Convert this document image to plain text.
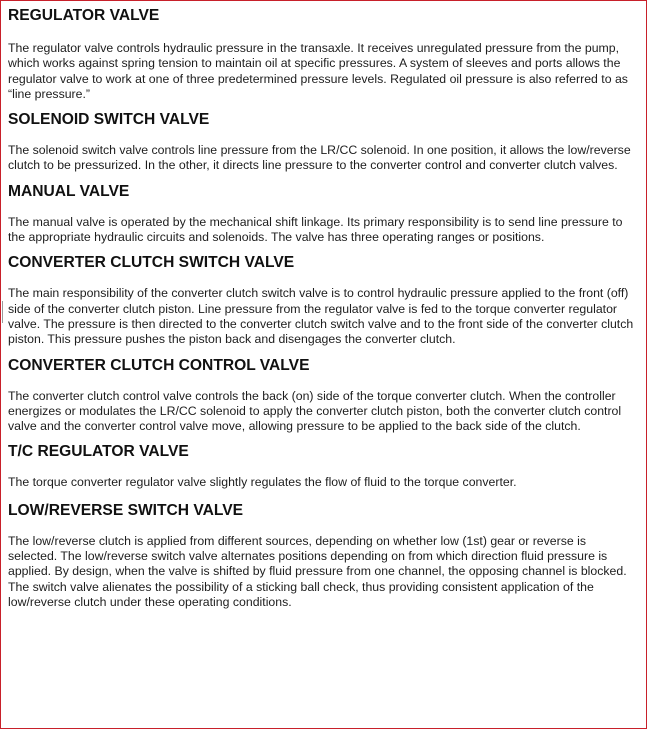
REGULATOR VALVE

The regulator valve controls hydraulic pressure in the transaxle. It receives unregulated pressure from the pump, which works against spring tension to maintain oil at specific pressures. A system of sleeves and ports allows the regulator valve to work at one of three predetermined pressure levels. Regulated oil pressure is also referred to as “line pressure.”

SOLENOID SWITCH VALVE

The solenoid switch valve controls line pressure from the LR/CC solenoid. In one position, it allows the low/reverse clutch to be pressurized. In the other, it directs line pressure to the converter control and converter clutch valves.

MANUAL VALVE

The manual valve is operated by the mechanical shift linkage. Its primary responsibility is to send line pressure to the appropriate hydraulic circuits and solenoids. The valve has three operating ranges or positions.

CONVERTER CLUTCH SWITCH VALVE

The main responsibility of the converter clutch switch valve is to control hydraulic pressure applied to the front (off) side of the converter clutch piston. Line pressure from the regulator valve is fed to the torque converter regulator valve. The pressure is then directed to the converter clutch switch valve and to the front side of the converter clutch piston. This pressure pushes the piston back and disengages the converter clutch.

CONVERTER CLUTCH CONTROL VALVE

The converter clutch control valve controls the back (on) side of the torque converter clutch. When the controller energizes or modulates the LR/CC solenoid to apply the converter clutch piston, both the converter clutch control valve and the converter control valve move, allowing pressure to be applied to the back side of the clutch.

T/C REGULATOR VALVE

The torque converter regulator valve slightly regulates the flow of fluid to the torque converter.

LOW/REVERSE SWITCH VALVE

The low/reverse clutch is applied from different sources, depending on whether low (1st) gear or reverse is selected. The low/reverse switch valve alternates positions depending on from which direction fluid pressure is applied. By design, when the valve is shifted by fluid pressure from one channel, the opposing channel is blocked. The switch valve alienates the possibility of a sticking ball check, thus providing consistent application of the low/reverse clutch under these operating conditions.
